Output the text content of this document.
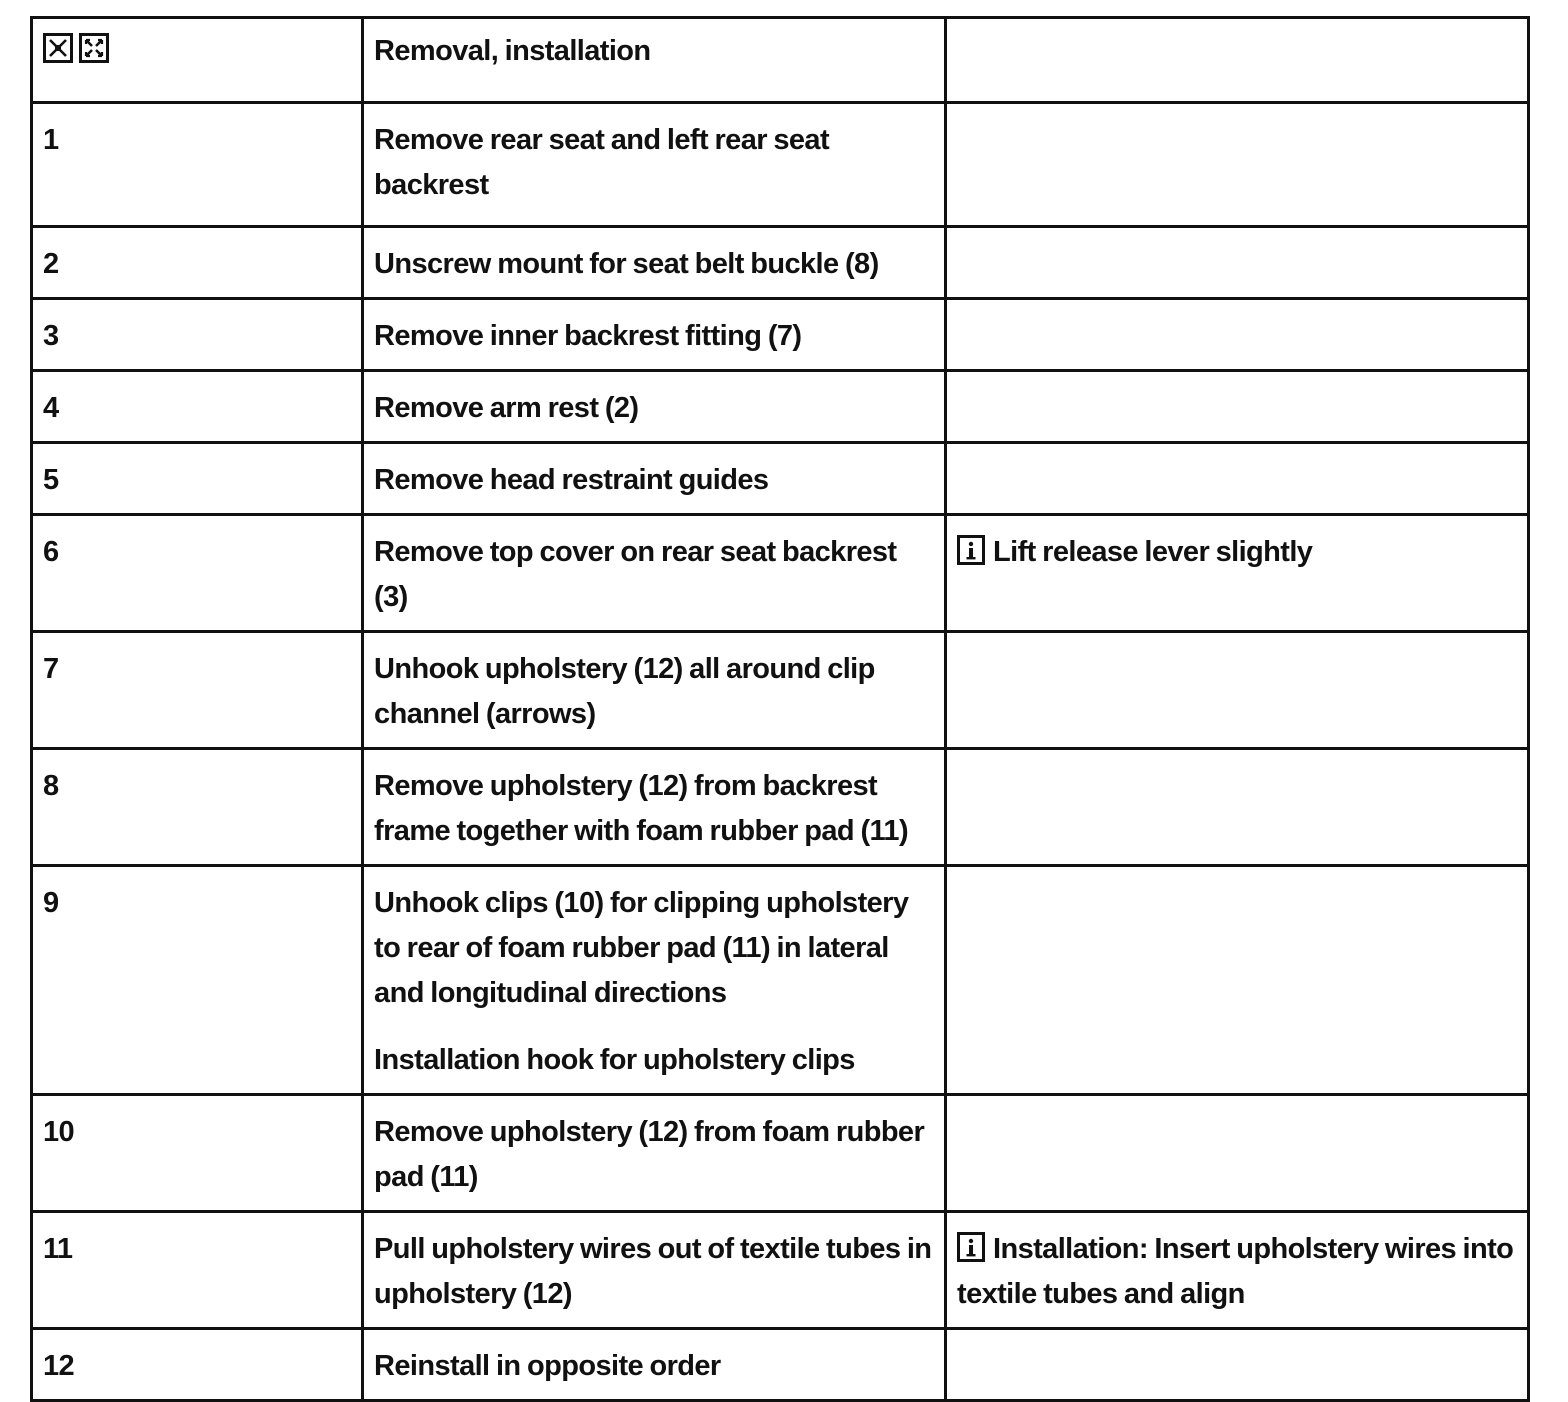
	Removal, installation	
1	Remove rear seat and left rear seat backrest	
2	Unscrew mount for seat belt buckle (8)	
3	Remove inner backrest fitting (7)	
4	Remove arm rest (2)	
5	Remove head restraint guides	
6	Remove top cover on rear seat backrest (3)	Lift release lever slightly
7	Unhook upholstery (12) all around clip channel (arrows)	
8	Remove upholstery (12) from backrest frame together with foam rubber pad (11)	
9	Unhook clips (10) for clipping upholstery to rear of foam rubber pad (11) in lateral and longitudinal directions
Installation hook for upholstery clips	

10	Remove upholstery (12) from foam rubber pad (11)	
11	Pull upholstery wires out of textile tubes in upholstery (12)	Installation: Insert upholstery wires into textile tubes and align
12	Reinstall in opposite order	
